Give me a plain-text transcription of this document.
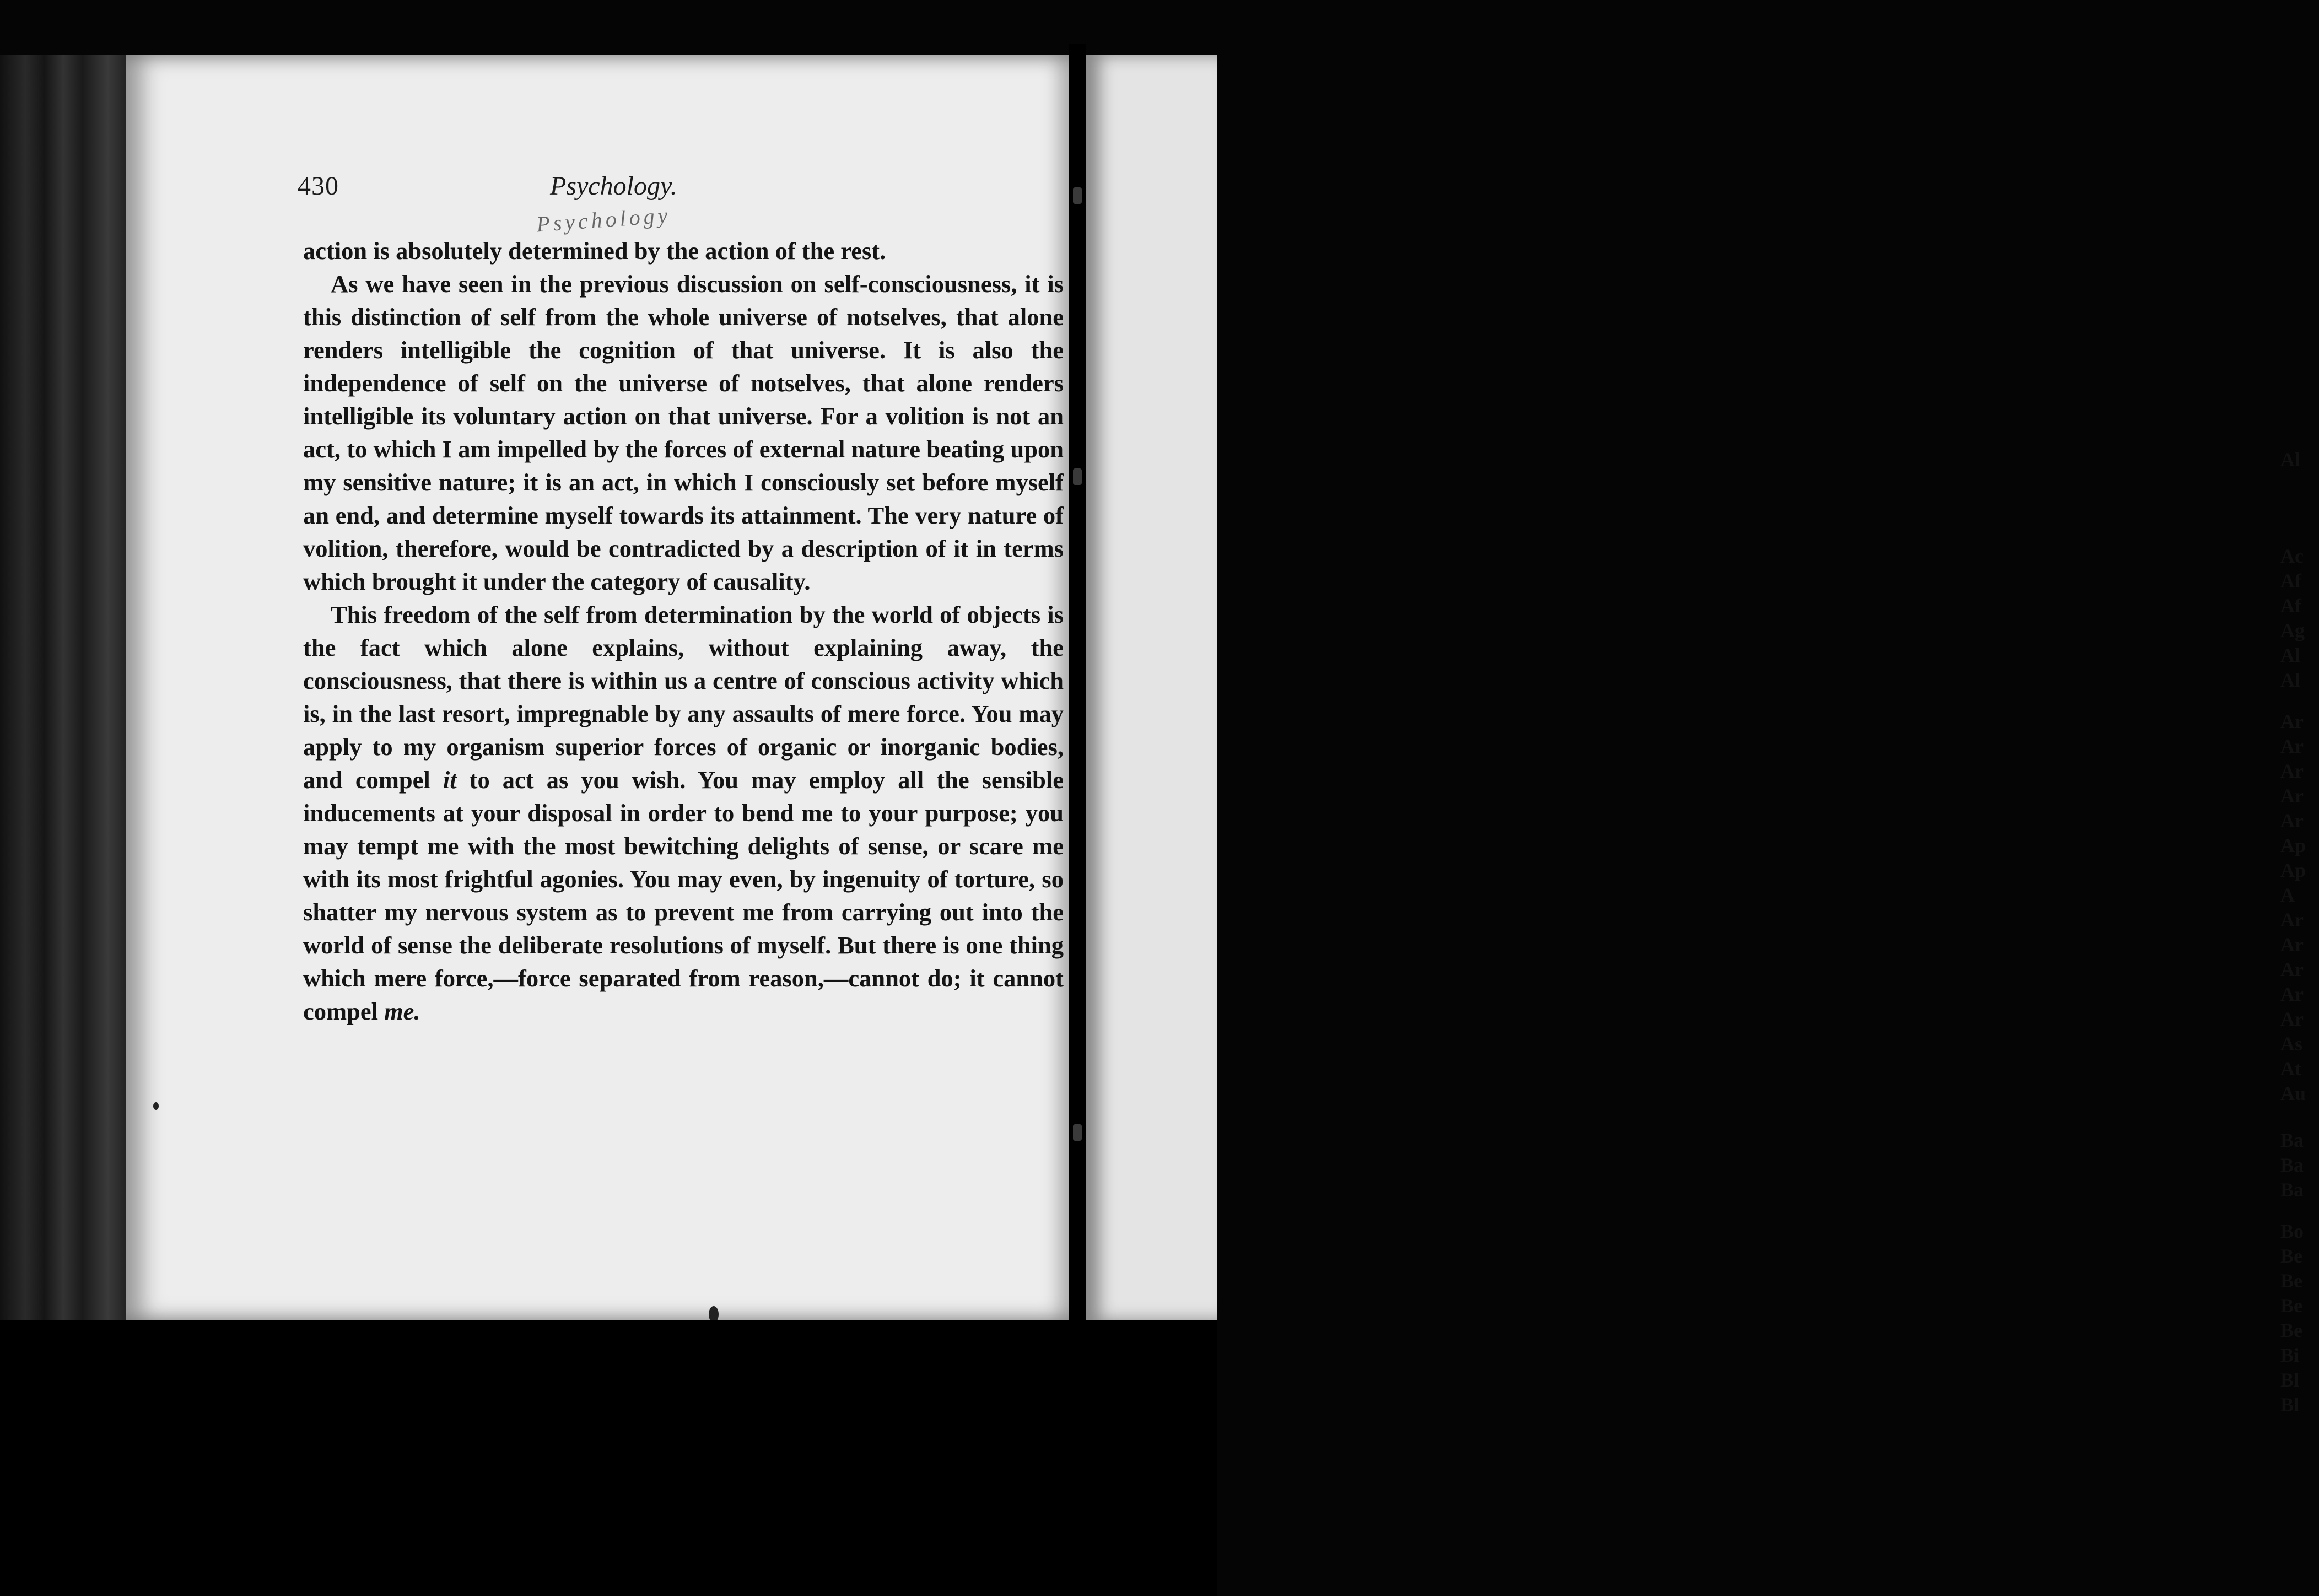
430	Psychology.
Psychology

action is absolutely determined by the action of the rest.

As we have seen in the previous discussion on self-consciousness, it is this distinction of self from the whole universe of notselves, that alone renders intelligible the cognition of that universe. It is also the independence of self on the universe of notselves, that alone renders intelligible its voluntary action on that universe. For a volition is not an act, to which I am impelled by the forces of external nature beating upon my sensitive nature; it is an act, in which I consciously set before myself an end, and determine myself towards its attainment. The very nature of volition, therefore, would be contradicted by a description of it in terms which brought it under the category of causality.

This freedom of the self from determination by the world of objects is the fact which alone explains, without explaining away, the consciousness, that there is within us a centre of conscious activity which is, in the last resort, impregnable by any assaults of mere force. You may apply to my organism superior forces of organic or inorganic bodies, and compel it to act as you wish. You may employ all the sensible inducements at your disposal in order to bend me to your purpose; you may tempt me with the most bewitching delights of sense, or scare me with its most frightful agonies. You may even, by ingenuity of torture, so shatter my nervous system as to prevent me from carrying out into the world of sense the deliberate resolutions of myself. But there is one thing which mere force,—force separated from reason,—cannot do; it cannot compel me.

Al
Ac
Af
Af
Ag
Al
Al
Ar
Ar
Ar
Ar
Ar
Ap
Ap
A
Ar
Ar
Ar
Ar
Ar
As
At
Au
Ba
Ba
Ba
Bo
Be
Be
Be
Be
Bi
Bl
Bl
